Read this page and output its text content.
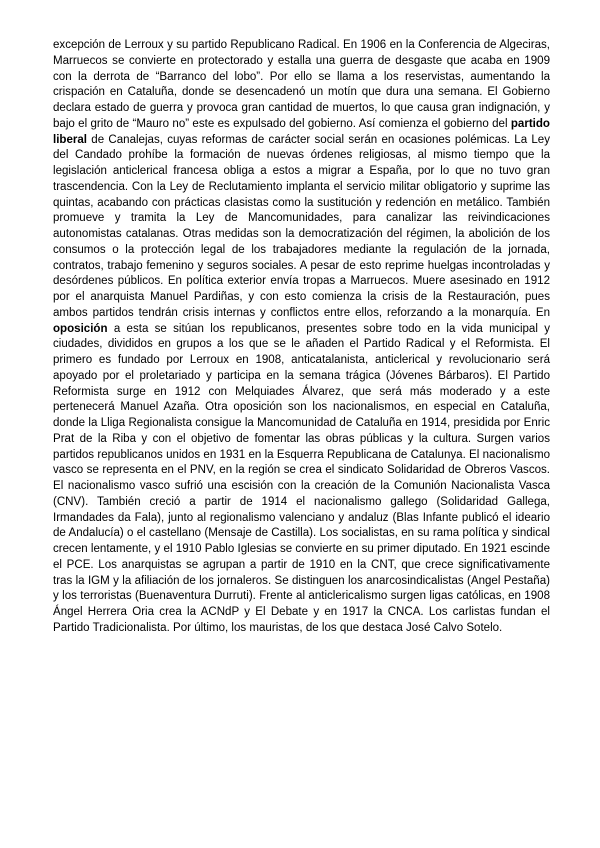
excepción de Lerroux y su partido Republicano Radical. En 1906 en la Conferencia de Algeciras, Marruecos se convierte en protectorado y estalla una guerra de desgaste que acaba en 1909 con la derrota de “Barranco del lobo”. Por ello se llama a los reservistas, aumentando la crispación en Cataluña, donde se desencadenó un motín que dura una semana. El Gobierno declara estado de guerra y provoca gran cantidad de muertos, lo que causa gran indignación, y bajo el grito de “Mauro no” este es expulsado del gobierno. Así comienza el gobierno del partido liberal de Canalejas, cuyas reformas de carácter social serán en ocasiones polémicas. La Ley del Candado prohíbe la formación de nuevas órdenes religiosas, al mismo tiempo que la legislación anticlerical francesa obliga a estos a migrar a España, por lo que no tuvo gran trascendencia. Con la Ley de Reclutamiento implanta el servicio militar obligatorio y suprime las quintas, acabando con prácticas clasistas como la sustitución y redención en metálico. También promueve y tramita la Ley de Mancomunidades, para canalizar las reivindicaciones autonomistas catalanas. Otras medidas son la democratización del régimen, la abolición de los consumos o la protección legal de los trabajadores mediante la regulación de la jornada, contratos, trabajo femenino y seguros sociales. A pesar de esto reprime huelgas incontroladas y desórdenes públicos. En política exterior envía tropas a Marruecos. Muere asesinado en 1912 por el anarquista Manuel Pardiñas, y con esto comienza la crisis de la Restauración, pues ambos partidos tendrán crisis internas y conflictos entre ellos, reforzando a la monarquía. En oposición a esta se sitúan los republicanos, presentes sobre todo en la vida municipal y ciudades, divididos en grupos a los que se le añaden el Partido Radical y el Reformista. El primero es fundado por Lerroux en 1908, anticatalanista, anticlerical y revolucionario será apoyado por el proletariado y participa en la semana trágica (Jóvenes Bárbaros). El Partido Reformista surge en 1912 con Melquiades Álvarez, que será más moderado y a este pertenecerá Manuel Azaña. Otra oposición son los nacionalismos, en especial en Cataluña, donde la Lliga Regionalista consigue la Mancomunidad de Cataluña en 1914, presidida por Enric Prat de la Riba y con el objetivo de fomentar las obras públicas y la cultura. Surgen varios partidos republicanos unidos en 1931 en la Esquerra Republicana de Catalunya. El nacionalismo vasco se representa en el PNV, en la región se crea el sindicato Solidaridad de Obreros Vascos. El nacionalismo vasco sufrió una escisión con la creación de la Comunión Nacionalista Vasca (CNV). También creció a partir de 1914 el nacionalismo gallego (Solidaridad Gallega, Irmandades da Fala), junto al regionalismo valenciano y andaluz (Blas Infante publicó el ideario de Andalucía) o el castellano (Mensaje de Castilla). Los socialistas, en su rama política y sindical crecen lentamente, y el 1910 Pablo Iglesias se convierte en su primer diputado. En 1921 escinde el PCE. Los anarquistas se agrupan a partir de 1910 en la CNT, que crece significativamente tras la IGM y la afiliación de los jornaleros. Se distinguen los anarcosindicalistas (Angel Pestaña) y los terroristas (Buenaventura Durruti). Frente al anticlericalismo surgen ligas católicas, en 1908 Ángel Herrera Oria crea la ACNdP y El Debate y en 1917 la CNCA. Los carlistas fundan el Partido Tradicionalista. Por último, los mauristas, de los que destaca José Calvo Sotelo.
